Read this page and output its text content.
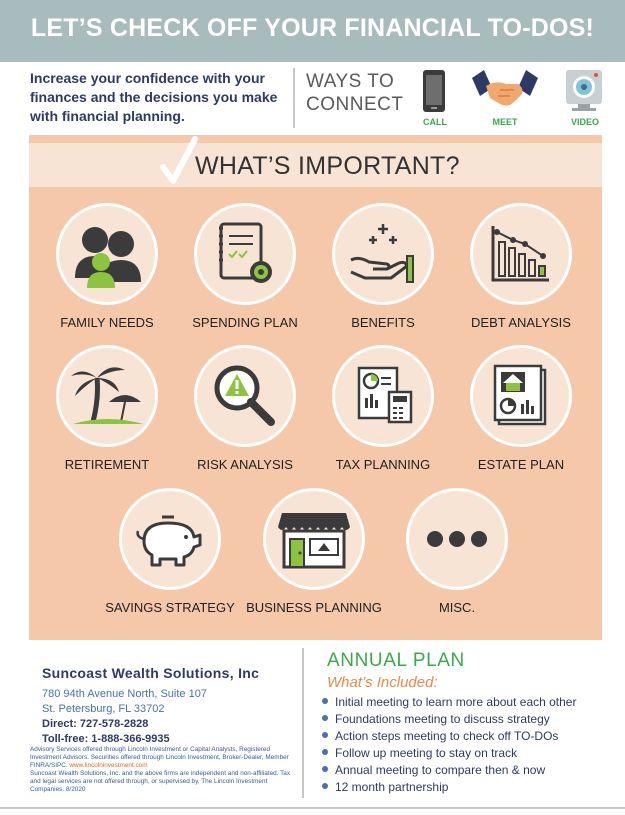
LET’S CHECK OFF YOUR FINANCIAL TO-DOS!
Increase your confidence with your finances and the decisions you make with financial planning.
WAYS TO
CONNECT
CALL	MEET	VIDEO
WHAT’S IMPORTANT?
FAMILY NEEDS	SPENDING PLAN	BENEFITS	DEBT ANALYSIS
RETIREMENT	RISK ANALYSIS	TAX PLANNING	ESTATE PLAN
SAVINGS STRATEGY BUSINESS PLANNING	MISC.
Suncoast Wealth Solutions, Inc
780 94th Avenue North, Suite 107
St. Petersburg, FL 33702
Direct: 727-578-2828
Toll-free: 1-888-366-9935
Advisory Services offered through Lincoln Investment or Capital Analysts, Registered Investment Advisors. Securities offered through Lincoln Investment, Broker-Dealer, Member FINRA/SIPC. www.lincolninvestment.com
Suncoast Wealth Solutions, Inc. and the above firms are independent and non-affiliated. Tax and legal services are not offered through, or supervised by, The Lincoln Investment Companies. 8/2020
ANNUAL PLAN
What’s Included:
Initial meeting to learn more about each other
Foundations meeting to discuss strategy
Action steps meeting to check off TO-DOs
Follow up meeting to stay on track
Annual meeting to compare then & now
12 month partnership
